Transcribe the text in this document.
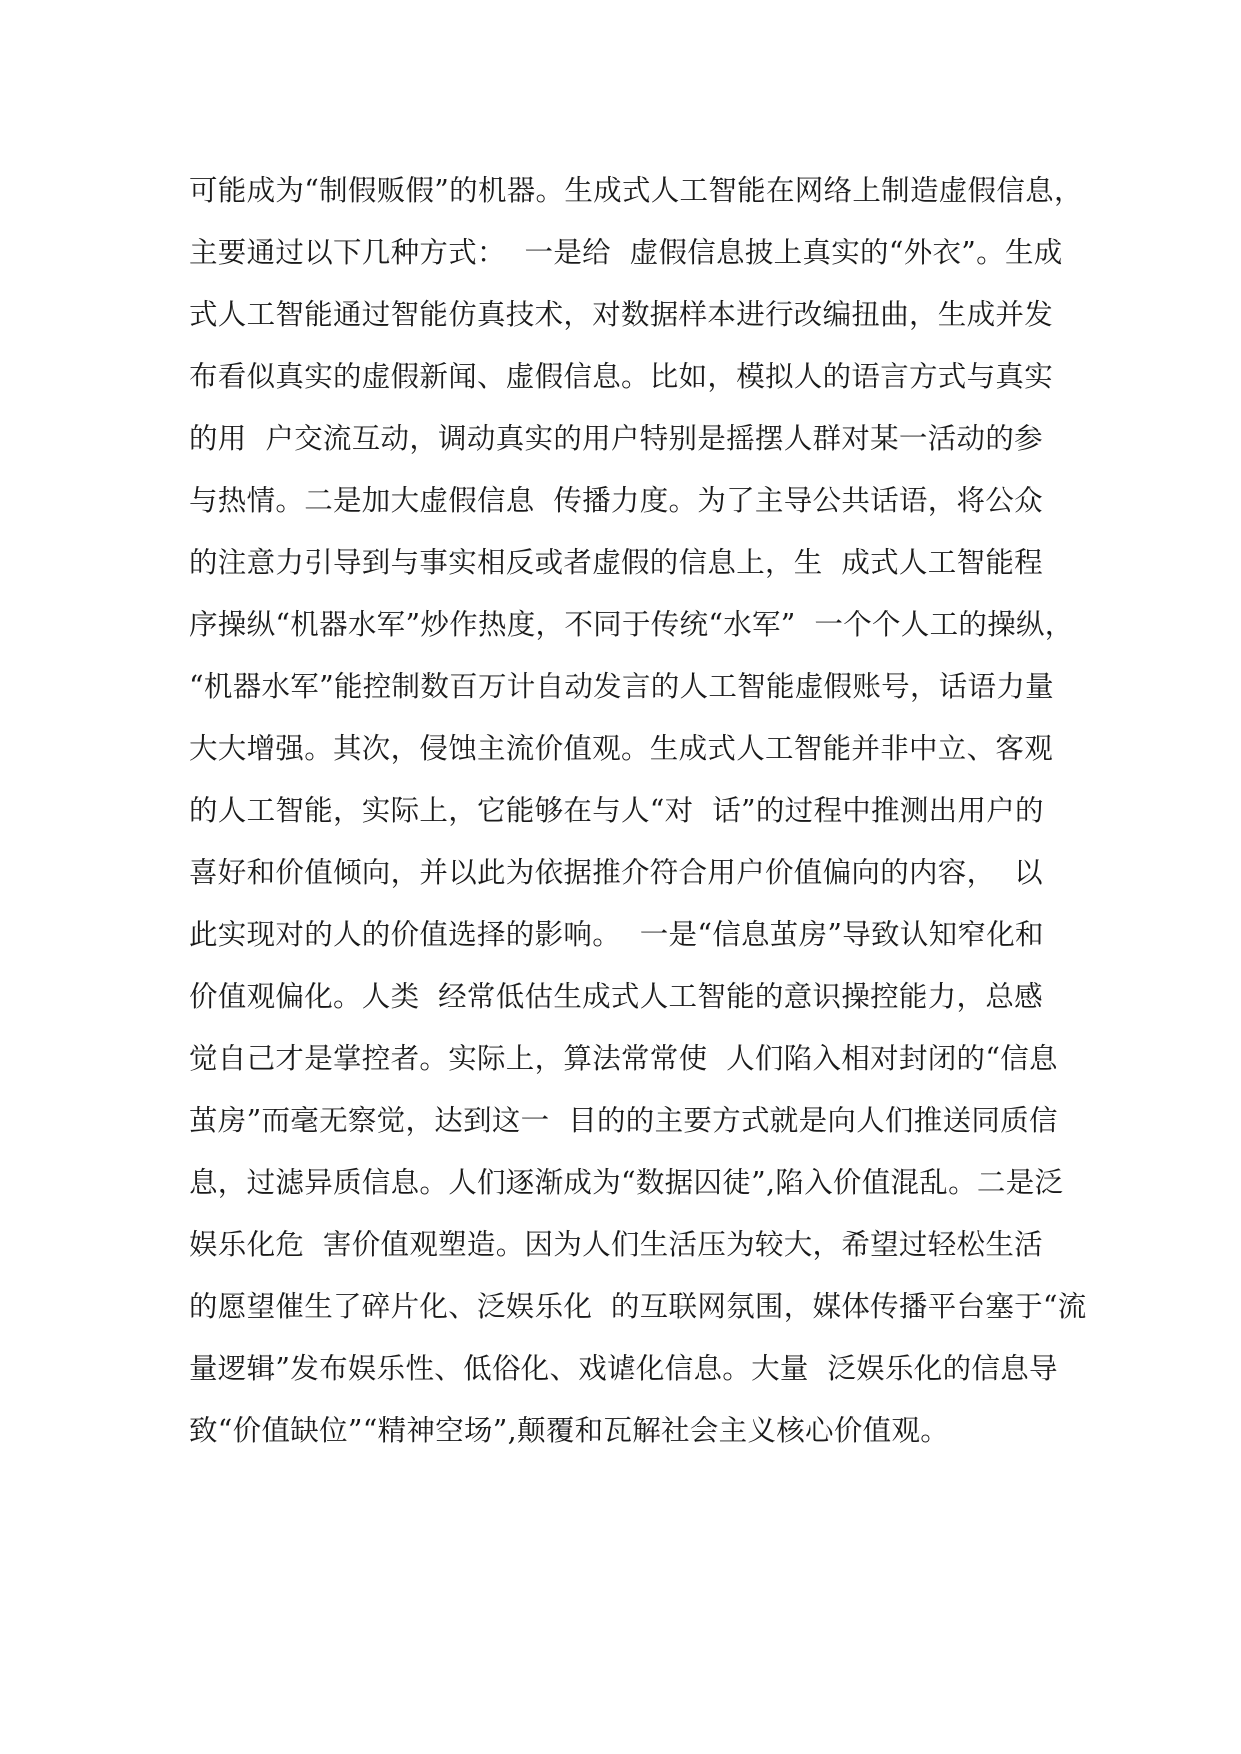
可能成为“制假贩假”的机器。生成式人工智能在网络上制造虚假信息，
主要通过以下几种方式：  一是给  虚假信息披上真实的“外衣”。生成
式人工智能通过智能仿真技术，对数据样本进行改编扭曲，生成并发
布看似真实的虚假新闻、虚假信息。比如，模拟人的语言方式与真实
的用  户交流互动，调动真实的用户特别是摇摆人群对某一活动的参
与热情。二是加大虚假信息  传播力度。为了主导公共话语，将公众
的注意力引导到与事实相反或者虚假的信息上，生  成式人工智能程
序操纵“机器水军”炒作热度，不同于传统“水军”  一个个人工的操纵，
“机器水军”能控制数百万计自动发言的人工智能虚假账号，话语力量
大大增强。其次，侵蚀主流价值观。生成式人工智能并非中立、客观
的人工智能，实际上，它能够在与人“对  话”的过程中推测出用户的
喜好和价值倾向，并以此为依据推介符合用户价值偏向的内容，  以
此实现对的人的价值选择的影响。  一是“信息茧房”导致认知窄化和
价值观偏化。人类  经常低估生成式人工智能的意识操控能力，总感
觉自己才是掌控者。实际上，算法常常使  人们陷入相对封闭的“信息
茧房”而毫无察觉，达到这一  目的的主要方式就是向人们推送同质信
息，过滤异质信息。人们逐渐成为“数据囚徒”,陷入价值混乱。二是泛
娱乐化危  害价值观塑造。因为人们生活压为较大，希望过轻松生活
的愿望催生了碎片化、泛娱乐化  的互联网氛围，媒体传播平台塞于“流
量逻辑”发布娱乐性、低俗化、戏谑化信息。大量  泛娱乐化的信息导
致“价值缺位”“精神空场”,颠覆和瓦解社会主义核心价值观。
